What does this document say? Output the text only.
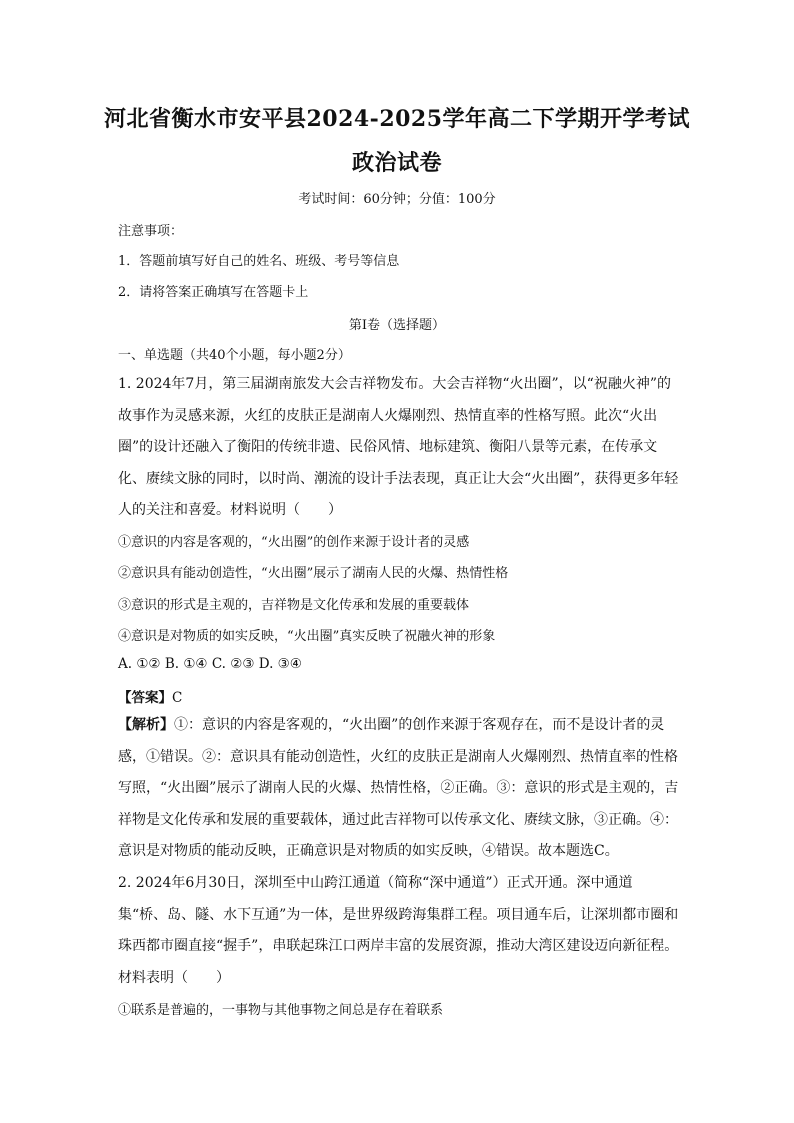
河北省衡水市安平县2024-2025学年高二下学期开学考试
政治试卷
考试时间：60分钟；分值：100分
注意事项：
1．答题前填写好自己的姓名、班级、考号等信息
2．请将答案正确填写在答题卡上
第I卷（选择题）
一、单选题（共40个小题，每小题2分）
1. 2024年7月，第三届湖南旅发大会吉祥物发布。大会吉祥物“火出圈”，以“祝融火神”的故事作为灵感来源，火红的皮肤正是湖南人火爆刚烈、热情直率的性格写照。此次“火出圈”的设计还融入了衡阳的传统非遗、民俗风情、地标建筑、衡阳八景等元素，在传承文化、赓续文脉的同时，以时尚、潮流的设计手法表现，真正让大会“火出圈”，获得更多年轻人的关注和喜爱。材料说明（　　）
①意识的内容是客观的，“火出圈”的创作来源于设计者的灵感
②意识具有能动创造性，“火出圈”展示了湖南人民的火爆、热情性格
③意识的形式是主观的，吉祥物是文化传承和发展的重要载体
④意识是对物质的如实反映，“火出圈”真实反映了祝融火神的形象
A. ①② B. ①④ C. ②③ D. ③④
【答案】C
【解析】①：意识的内容是客观的，“火出圈”的创作来源于客观存在，而不是设计者的灵感，①错误。②：意识具有能动创造性，火红的皮肤正是湖南人火爆刚烈、热情直率的性格写照，“火出圈”展示了湖南人民的火爆、热情性格，②正确。③：意识的形式是主观的，吉祥物是文化传承和发展的重要载体，通过此吉祥物可以传承文化、赓续文脉，③正确。④：意识是对物质的能动反映，正确意识是对物质的如实反映，④错误。故本题选C。
2. 2024年6月30日，深圳至中山跨江通道（简称“深中通道”）正式开通。深中通道集“桥、岛、隧、水下互通”为一体，是世界级跨海集群工程。项目通车后，让深圳都市圈和珠西都市圈直接“握手”，串联起珠江口两岸丰富的发展资源，推动大湾区建设迈向新征程。材料表明（　　）
①联系是普遍的，一事物与其他事物之间总是存在着联系
